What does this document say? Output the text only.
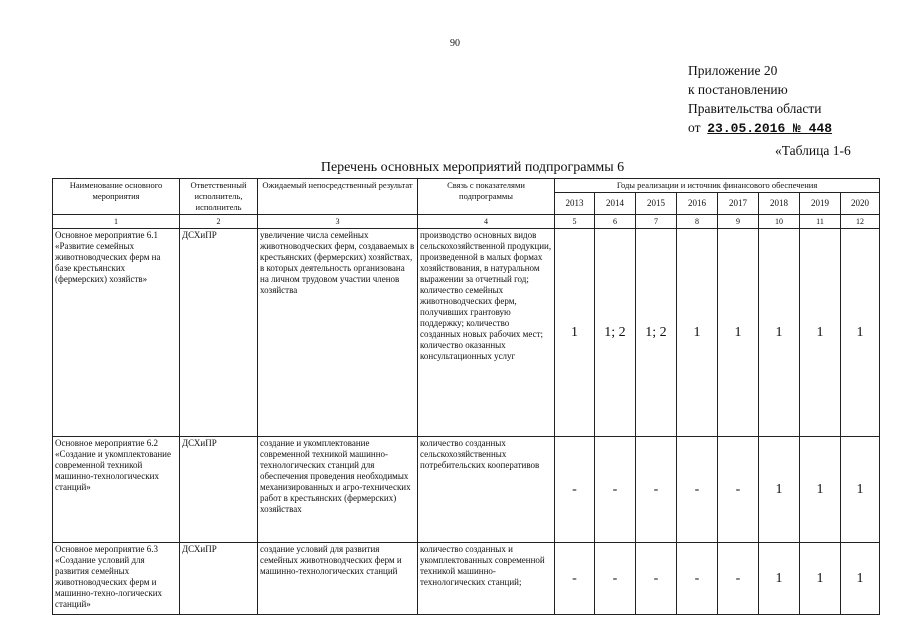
90
Приложение 20
к постановлению
Правительства области
от 23.05.2016 № 448
«Таблица 1-6
Перечень основных мероприятий подпрограммы 6
Наименование основного мероприятия	Ответственный исполнитель, исполнитель	Ожидаемый непосредственный результат	Связь с показателями подпрограммы	Годы реализации и источник финансового обеспечения							
				2013	2014	2015	2016	2017	2018	2019	2020
1	2	3	4	5	6	7	8	9	10	11	12
Основное мероприятие 6.1 «Развитие семейных животноводческих ферм на базе крестьянских (фермерских) хозяйств»	ДСХиПР	увеличение числа семейных животноводческих ферм, создаваемых в крестьянских (фермерских) хозяйствах, в которых деятельность организована на личном трудовом участии членов хозяйства	производство основных видов сельскохозяйственной продукции, произведенной в малых формах хозяйствования, в натуральном выражении за отчетный год; количество семейных животноводческих ферм, получивших грантовую поддержку; количество созданных новых рабочих мест; количество оказанных консультационных услуг	1	1; 2	1; 2	1	1	1	1	1
Основное мероприятие 6.2 «Создание и укомплектование современной техникой машинно-технологических станций»	ДСХиПР	создание и укомплектование современной техникой машинно-технологических станций для обеспечения проведения необходимых механизированных и агро-технических работ в крестьянских (фермерских) хозяйствах	количество созданных сельскохозяйственных потребительских кооперативов	-	-	-	-	-	1	1	1
Основное мероприятие 6.3 «Создание условий для развития семейных животноводческих ферм и машинно-техно-логических станций»	ДСХиПР	создание условий для развития семейных животноводческих ферм и машинно-технологических станций	количество созданных и укомплектованных современной техникой машинно-технологических станций;	-	-	-	-	-	1	1	1
